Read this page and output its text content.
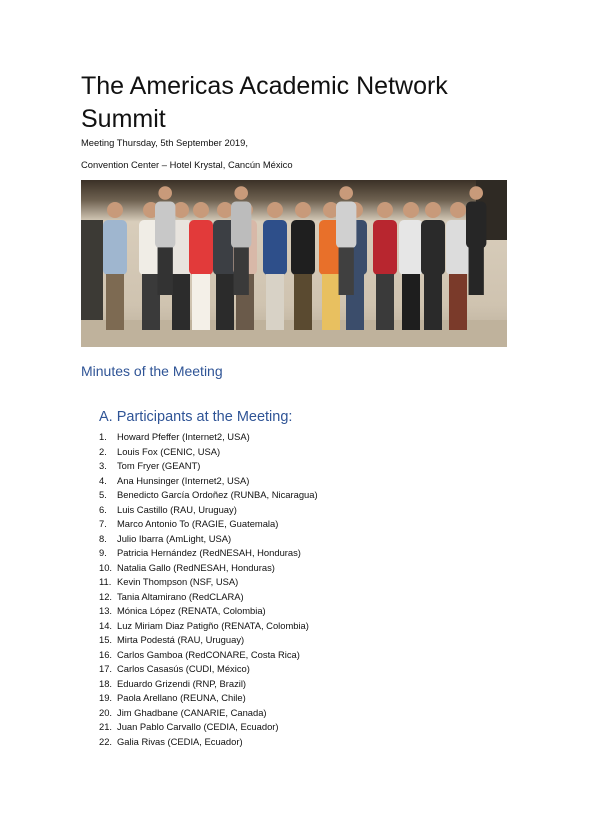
The Americas Academic Network Summit

Meeting Thursday, 5th September 2019,

Convention Center – Hotel Krystal, Cancún México

Minutes of the Meeting
A. Participants at the Meeting:
1. Howard Pfeffer (Internet2, USA)
2. Louis Fox (CENIC, USA)
3. Tom Fryer (GEANT)
4. Ana Hunsinger (Internet2, USA)
5. Benedicto García Ordoñez (RUNBA, Nicaragua)
6. Luis Castillo (RAU, Uruguay)
7. Marco Antonio To (RAGIE, Guatemala)
8. Julio Ibarra (AmLight, USA)
9. Patricia Hernández (RedNESAH, Honduras)
10. Natalia Gallo (RedNESAH, Honduras)
11. Kevin Thompson (NSF, USA)
12. Tania Altamirano (RedCLARA)
13. Mónica López (RENATA, Colombia)
14. Luz Miriam Diaz Patigño (RENATA, Colombia)
15. Mirta Podestá (RAU, Uruguay)
16. Carlos Gamboa (RedCONARE, Costa Rica)
17. Carlos Casasús (CUDI, México)
18. Eduardo Grizendi (RNP, Brazil)
19. Paola Arellano (REUNA, Chile)
20. Jim Ghadbane (CANARIE, Canada)
21. Juan Pablo Carvallo (CEDIA, Ecuador)
22. Galia Rivas (CEDIA, Ecuador)
